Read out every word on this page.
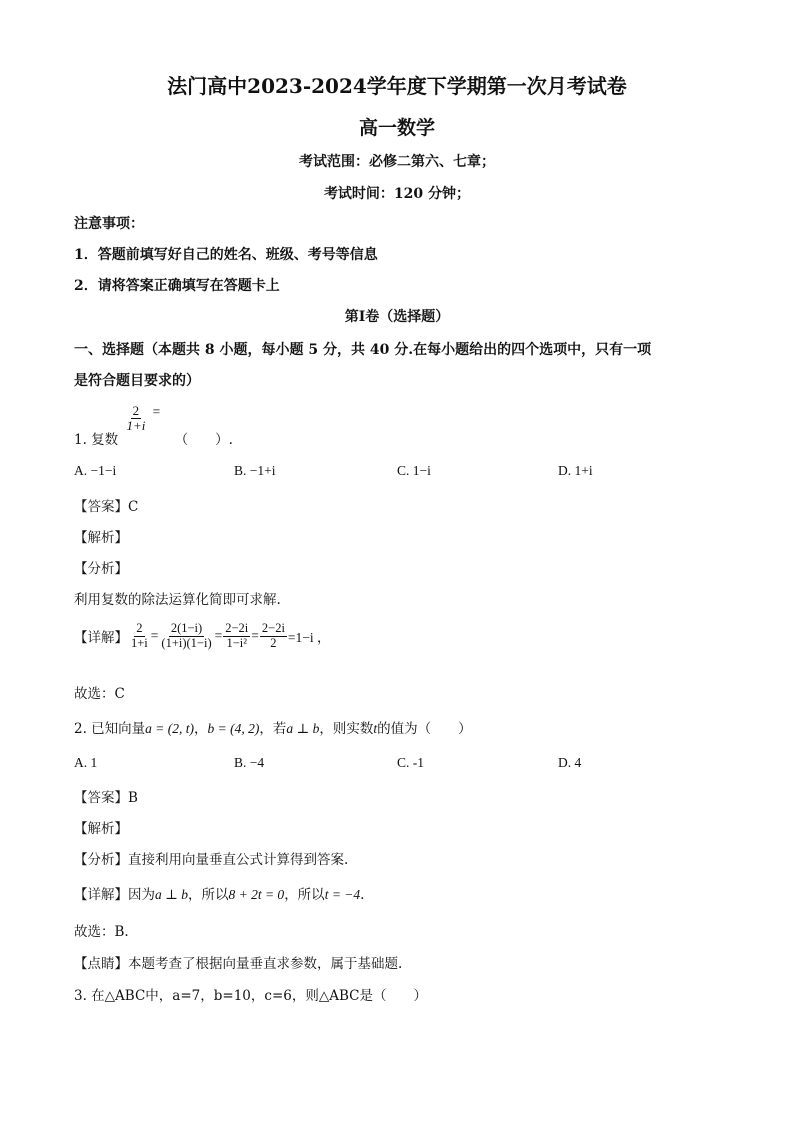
法门高中2023-2024学年度下学期第一次月考试卷
高一数学
考试范围：必修二第六、七章；
考试时间：120 分钟；
注意事项：
1．答题前填写好自己的姓名、班级、考号等信息
2．请将答案正确填写在答题卡上
第I卷（选择题）
一、选择题（本题共 8 小题，每小题 5 分，共 40 分.在每小题给出的四个选项中，只有一项
是符合题目要求的）
1. 复数
$\frac{2}{1+i}$ = （　　）.
A. −1−i	B. −1+i	C. 1−i	D. 1+i
【答案】C
【解析】
【分析】
利用复数的除法运算化简即可求解.
【详解】 $\frac{2}{1+i} = \frac{2(1-i)}{(1+i)(1-i)} = \frac{2-2i}{\text{1−i²}} = \frac{2-2i}{2} =1-i$ ，
故选：C
2. 已知向量a = (2, t)，b = (4, 2)，若a ⊥ b，则实数t的值为（　　）
A. 1	B. −4	C. -1	D. 4
【答案】B
【解析】
【分析】直接利用向量垂直公式计算得到答案.
【详解】因为a ⊥ b，所以8 + 2t = 0，所以t = −4.
故选：B.
【点睛】本题考查了根据向量垂直求参数，属于基础题.
3. 在△ABC中，a=7，b=10，c=6，则△ABC是（　　）
